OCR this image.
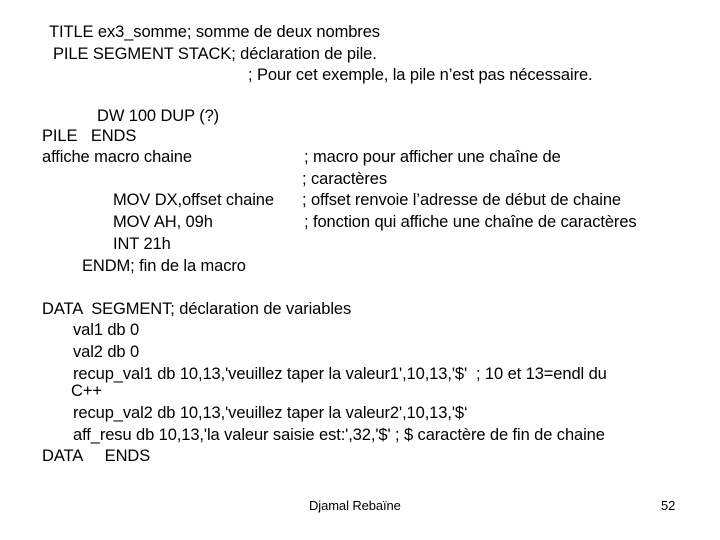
TITLE ex3_somme; somme de deux nombres
PILE SEGMENT STACK; déclaration de pile.
; Pour cet exemple, la pile n’est pas nécessaire.
DW 100 DUP (?)
PILE   ENDS
affiche macro chaine	; macro pour afficher une chaîne de
; caractères
MOV DX,offset chaine ; offset renvoie l’adresse de début de chaine
MOV AH, 09h	; fonction qui affiche une chaîne de caractères
INT 21h
ENDM; fin de la macro
DATA  SEGMENT; déclaration de variables
val1 db 0
val2 db 0
recup_val1 db 10,13,'veuillez taper la valeur1',10,13,'$'  ; 10 et 13=endl du
C++
recup_val2 db 10,13,'veuillez taper la valeur2',10,13,'$‘
aff_resu db 10,13,'la valeur saisie est:',32,'$' ; $ caractère de fin de chaine
DATA     ENDS
Djamal Rebaïne	52
